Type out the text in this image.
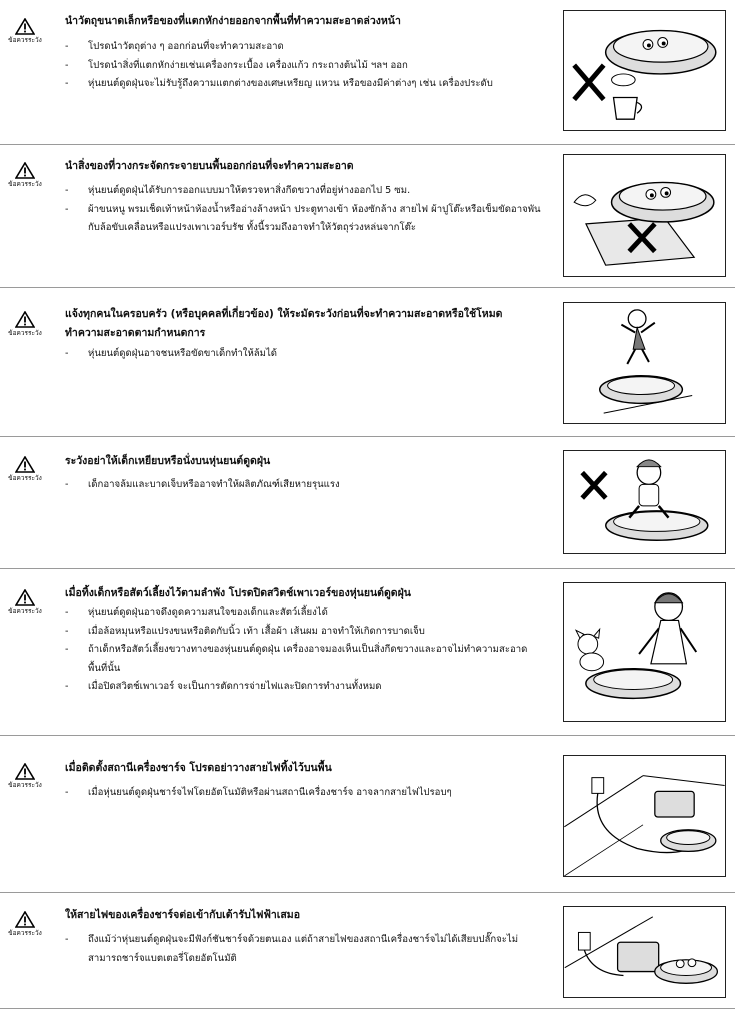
ข้อควรระวัง
นำวัตถุขนาดเล็กหรือของที่แตกหักง่ายออกจากพื้นที่ทำความสะอาดล่วงหน้า
- โปรดนำวัตถุต่าง ๆ ออกก่อนที่จะทำความสะอาด
- โปรดนำสิ่งที่แตกหักง่ายเช่นเครื่องกระเบื้อง เครื่องแก้ว กระถางต้นไม้ ฯลฯ ออก
- หุ่นยนต์ดูดฝุ่นจะไม่รับรู้ถึงความแตกต่างของเศษเหรียญ แหวน หรือของมีค่าต่างๆ เช่น เครื่องประดับ
ข้อควรระวัง
นำสิ่งของที่วางกระจัดกระจายบนพื้นออกก่อนที่จะทำความสะอาด
- หุ่นยนต์ดูดฝุ่นได้รับการออกแบบมาให้ตรวจหาสิ่งกีดขวางที่อยู่ห่างออกไป 5 ซม.
- ผ้าขนหนู พรมเช็ดเท้าหน้าห้องน้ำหรืออ่างล้างหน้า ประตูทางเข้า ห้องซักล้าง สายไฟ ผ้าปูโต๊ะหรือเข็มขัดอาจพันกับล้อขับเคลื่อนหรือแปรงเพาเวอร์บรัช ทั้งนี้รวมถึงอาจทำให้วัตถุร่วงหล่นจากโต๊ะ
ข้อควรระวัง
แจ้งทุกคนในครอบครัว (หรือบุคคลที่เกี่ยวข้อง) ให้ระมัดระวังก่อนที่จะทำความสะอาดหรือใช้โหมดทำความสะอาดตามกำหนดการ
- หุ่นยนต์ดูดฝุ่นอาจชนหรือขัดขาเด็กทำให้ล้มได้
ข้อควรระวัง
ระวังอย่าให้เด็กเหยียบหรือนั่งบนหุ่นยนต์ดูดฝุ่น
- เด็กอาจล้มและบาดเจ็บหรืออาจทำให้ผลิตภัณฑ์เสียหายรุนแรง
ข้อควรระวัง
เมื่อทิ้งเด็กหรือสัตว์เลี้ยงไว้ตามลำพัง โปรดปิดสวิตช์เพาเวอร์ของหุ่นยนต์ดูดฝุ่น
- หุ่นยนต์ดูดฝุ่นอาจดึงดูดความสนใจของเด็กและสัตว์เลี้ยงได้
- เมื่อล้อหมุนหรือแปรงขนหรือติดกับนิ้ว เท้า เสื้อผ้า เส้นผม อาจทำให้เกิดการบาดเจ็บ
- ถ้าเด็กหรือสัตว์เลี้ยงขวางทางของหุ่นยนต์ดูดฝุ่น เครื่องอาจมองเห็นเป็นสิ่งกีดขวางและอาจไม่ทำความสะอาดพื้นที่นั้น
- เมื่อปิดสวิตช์เพาเวอร์ จะเป็นการตัดการจ่ายไฟและปิดการทำงานทั้งหมด
ข้อควรระวัง
เมื่อติดตั้งสถานีเครื่องชาร์จ โปรดอย่าวางสายไฟทิ้งไว้บนพื้น
- เมื่อหุ่นยนต์ดูดฝุ่นชาร์จไฟโดยอัตโนมัติหรือผ่านสถานีเครื่องชาร์จ อาจลากสายไฟไปรอบๆ
ข้อควรระวัง
ให้สายไฟของเครื่องชาร์จต่อเข้ากับเต้ารับไฟฟ้าเสมอ
- ถึงแม้ว่าหุ่นยนต์ดูดฝุ่นจะมีฟังก์ชันชาร์จด้วยตนเอง แต่ถ้าสายไฟของสถานีเครื่องชาร์จไม่ได้เสียบปลั๊กจะไม่สามารถชาร์จแบตเตอรี่โดยอัตโนมัติ
